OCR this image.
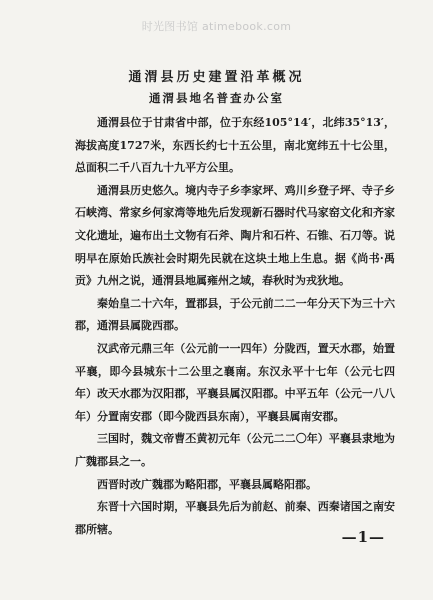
时光图书馆 atimebook.com
通渭县历史建置沿革概况
通渭县地名普查办公室

通渭县位于甘肃省中部，位于东经105°14′，北纬35°13′，海拔高度1727米，东西长约七十五公里，南北宽纬五十七公里，总面积二千八百九十九平方公里。

通渭县历史悠久。境内寺子乡李家坪、鸡川乡登子坪、寺子乡石峡湾、常家乡何家湾等地先后发现新石器时代马家窑文化和齐家文化遗址，遍布出土文物有石斧、陶片和石杵、石锥、石刀等。说明早在原始氏族社会时期先民就在这块土地上生息。据《尚书·禹贡》九州之说，通渭县地属雍州之域，春秋时为戎狄地。

秦始皇二十六年，置郡县，于公元前二二一年分天下为三十六郡，通渭县属陇西郡。

汉武帝元鼎三年（公元前一一四年）分陇西，置天水郡，始置平襄，即今县城东十二公里之襄南。东汉永平十七年（公元七四年）改天水郡为汉阳郡，平襄县属汉阳郡。中平五年（公元一八八年）分置南安郡（即今陇西县东南），平襄县属南安郡。

三国时，魏文帝曹丕黄初元年（公元二二〇年）平襄县隶地为广魏郡县之一。

西晋时改广魏郡为略阳郡，平襄县属略阳郡。

东晋十六国时期，平襄县先后为前赵、前秦、西秦诸国之南安郡所辖。	—1—
